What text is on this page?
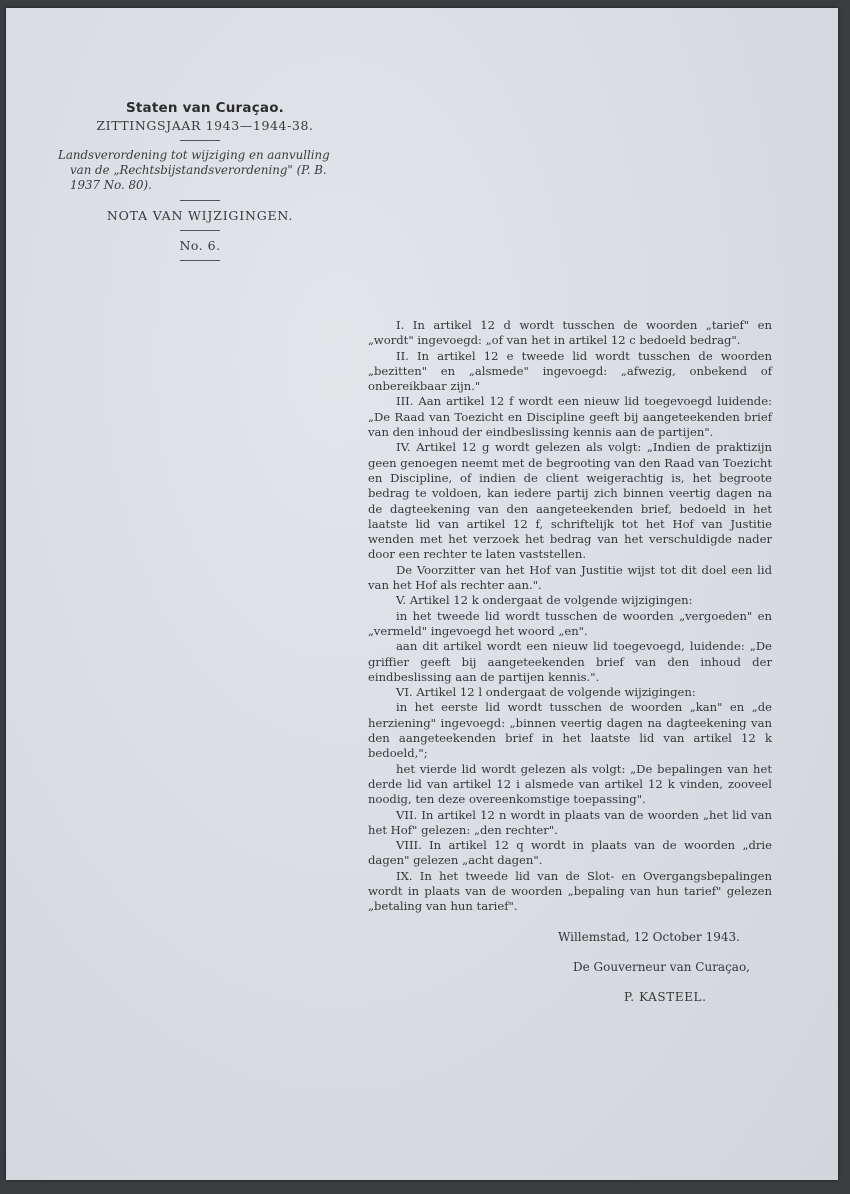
Staten van Curaçao.
ZITTINGSJAAR 1943—1944-38.
Landsverordening tot wijziging en aanvulling
van de „Rechtsbijstandsverordening" (P. B.
1937 No. 80).
NOTA VAN WIJZIGINGEN.
No. 6.

I. In artikel 12 d wordt tusschen de woorden „tarief" en „wordt" ingevoegd: „of van het in artikel 12 c bedoeld bedrag".

II. In artikel 12 e tweede lid wordt tusschen de woorden „bezitten" en „alsmede" ingevoegd: „afwezig, onbekend of onbereikbaar zijn."

III. Aan artikel 12 f wordt een nieuw lid toegevoegd luidende: „De Raad van Toezicht en Discipline geeft bij aangeteekenden brief van den inhoud der eindbeslissing kennis aan de partijen".

IV. Artikel 12 g wordt gelezen als volgt: „Indien de praktizijn geen genoegen neemt met de begrooting van den Raad van Toezicht en Discipline, of indien de client weigerachtig is, het begroote bedrag te voldoen, kan iedere partij zich binnen veertig dagen na de dagteekening van den aangeteekenden brief, bedoeld in het laatste lid van artikel 12 f, schriftelijk tot het Hof van Justitie wenden met het verzoek het bedrag van het verschuldigde nader door een rechter te laten vaststellen.

De Voorzitter van het Hof van Justitie wijst tot dit doel een lid van het Hof als rechter aan.".

V. Artikel 12 k ondergaat de volgende wijzigingen:

in het tweede lid wordt tusschen de woorden „vergoeden" en „vermeld" ingevoegd het woord „en".

aan dit artikel wordt een nieuw lid toegevoegd, luidende: „De griffier geeft bij aangeteekenden brief van den inhoud der eindbeslissing aan de partijen kennis.".

VI. Artikel 12 l ondergaat de volgende wijzigingen:

in het eerste lid wordt tusschen de woorden „kan" en „de herziening" ingevoegd: „binnen veertig dagen na dagteekening van den aangeteekenden brief in het laatste lid van artikel 12 k bedoeld,";

het vierde lid wordt gelezen als volgt: „De bepalingen van het derde lid van artikel 12 i alsmede van artikel 12 k vinden, zooveel noodig, ten deze overeenkomstige toepassing".

VII. In artikel 12 n wordt in plaats van de woorden „het lid van het Hof" gelezen: „den rechter".

VIII. In artikel 12 q wordt in plaats van de woorden „drie dagen" gelezen „acht dagen".

IX. In het tweede lid van de Slot- en Overgangsbepalingen wordt in plaats van de woorden „bepaling van hun tarief" gelezen „betaling van hun tarief".

Willemstad, 12 October 1943.
De Gouverneur van Curaçao,
P. KASTEEL.
